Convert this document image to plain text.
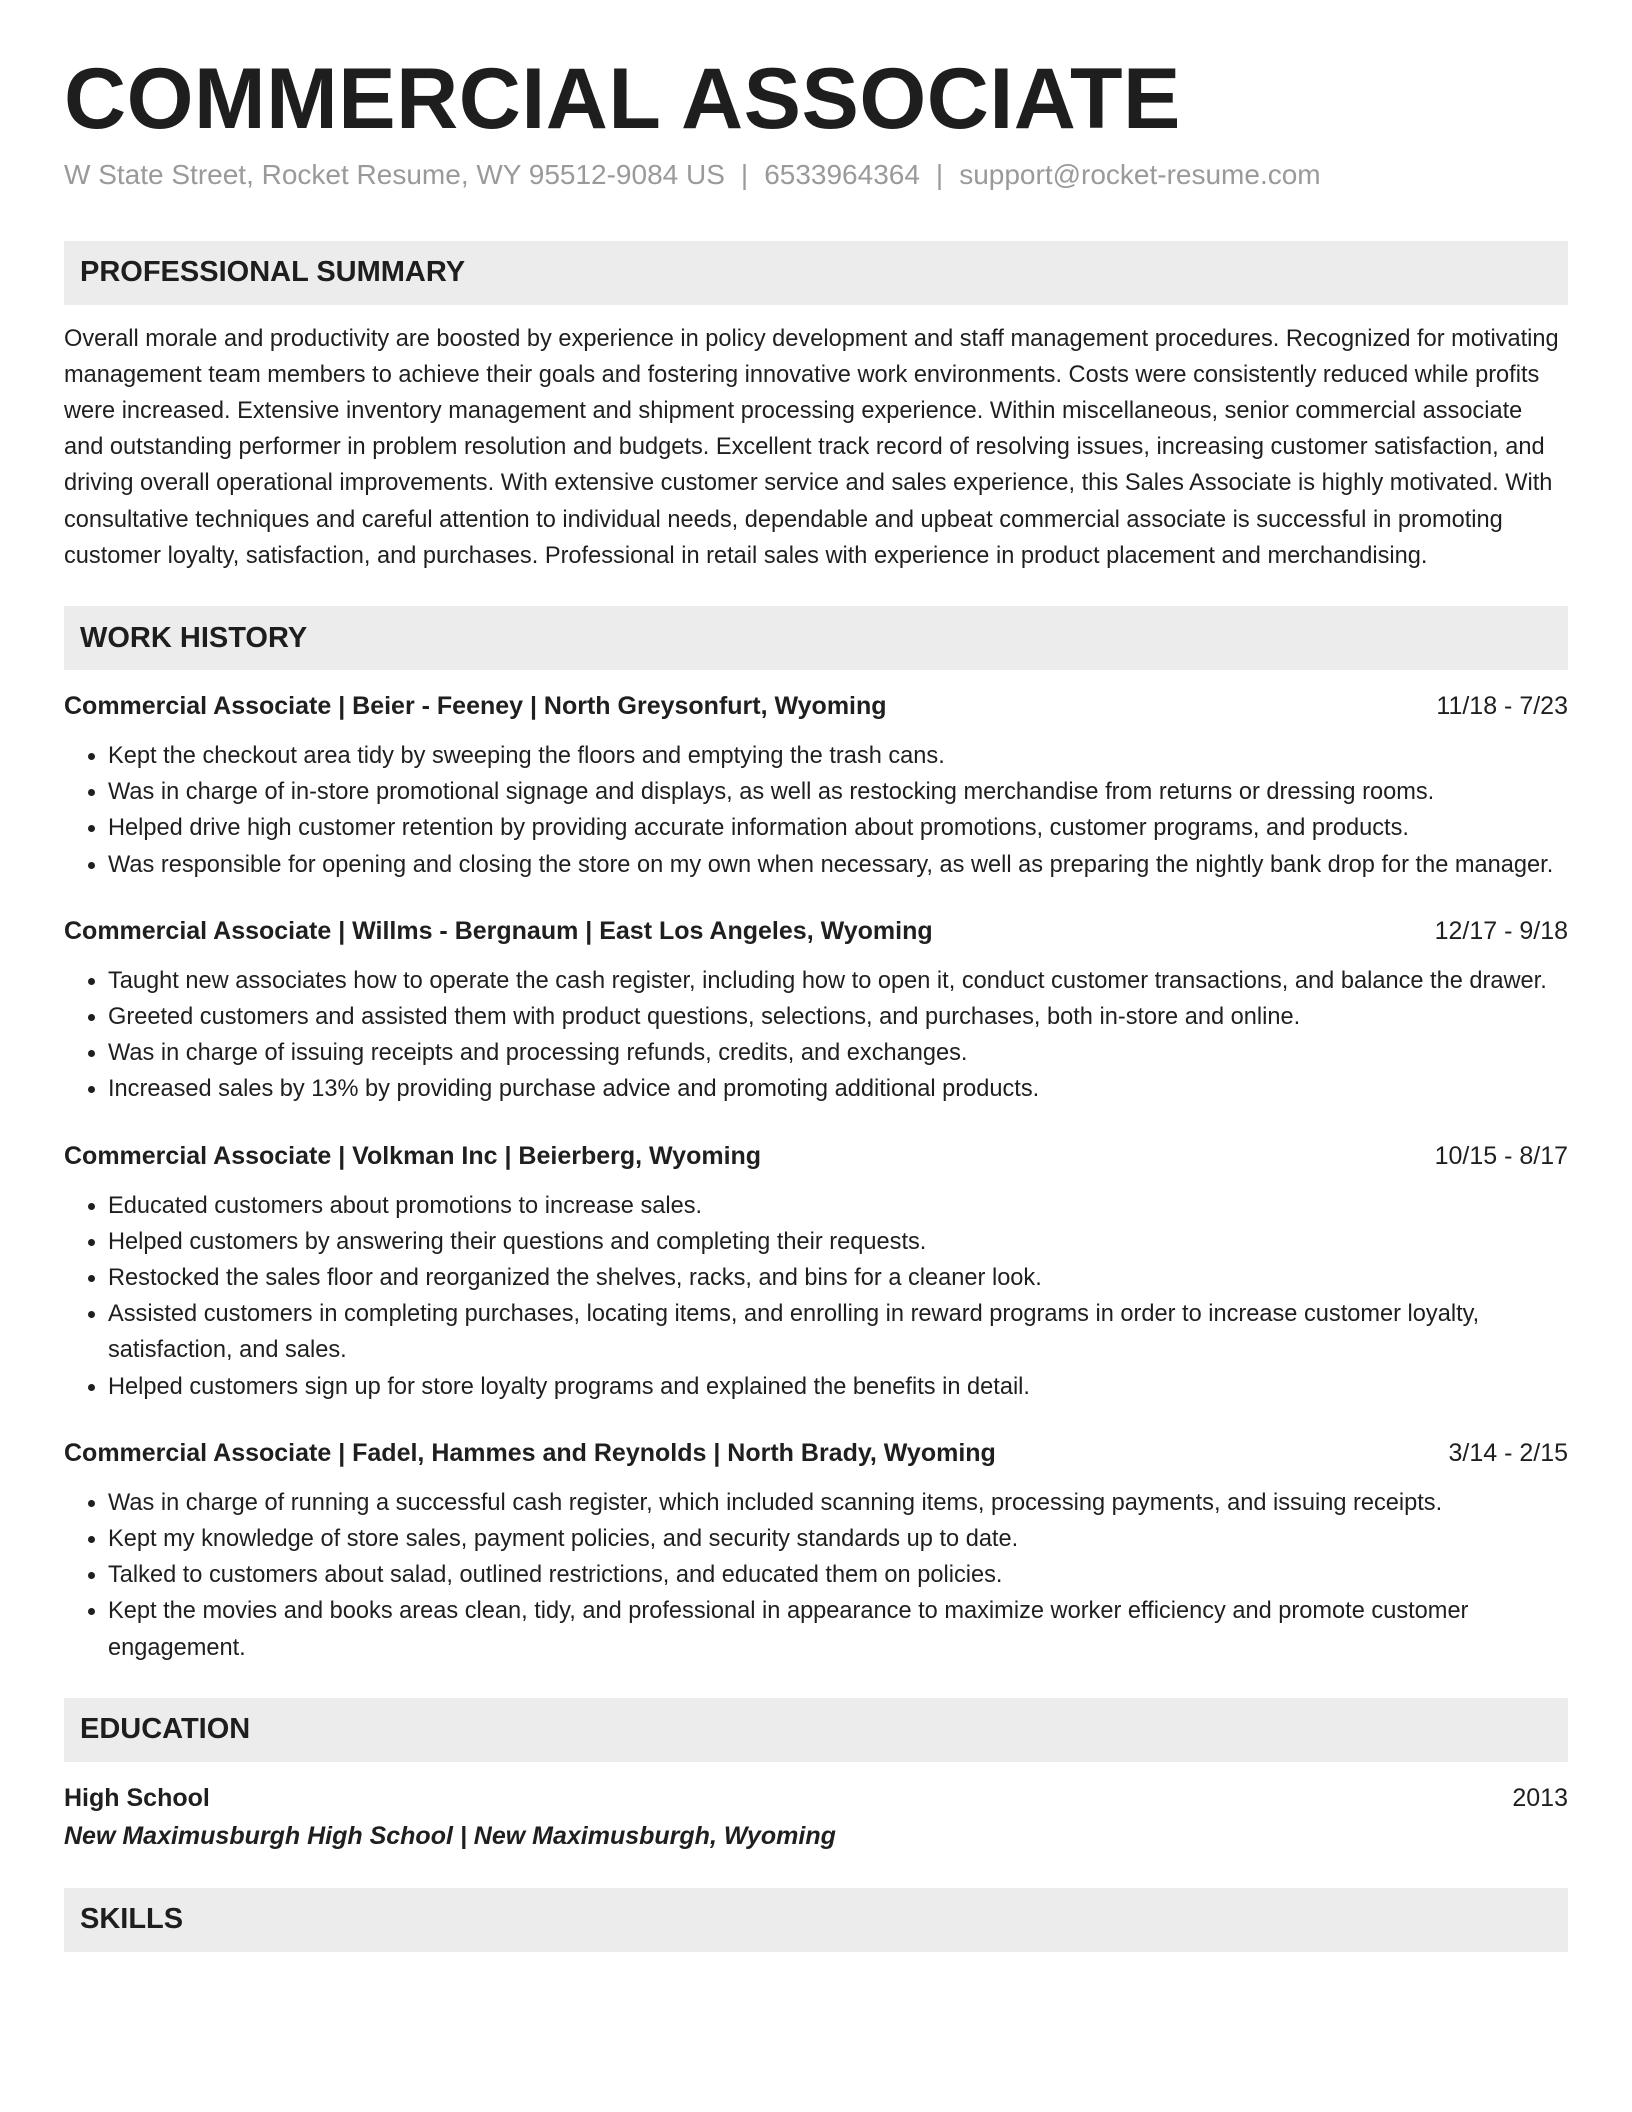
COMMERCIAL ASSOCIATE
W State Street, Rocket Resume, WY 95512-9084 US | 6533964364 | support@rocket-resume.com
PROFESSIONAL SUMMARY
Overall morale and productivity are boosted by experience in policy development and staff management procedures. Recognized for motivating management team members to achieve their goals and fostering innovative work environments. Costs were consistently reduced while profits were increased. Extensive inventory management and shipment processing experience. Within miscellaneous, senior commercial associate and outstanding performer in problem resolution and budgets. Excellent track record of resolving issues, increasing customer satisfaction, and driving overall operational improvements. With extensive customer service and sales experience, this Sales Associate is highly motivated. With consultative techniques and careful attention to individual needs, dependable and upbeat commercial associate is successful in promoting customer loyalty, satisfaction, and purchases. Professional in retail sales with experience in product placement and merchandising.
WORK HISTORY
Commercial Associate | Beier - Feeney | North Greysonfurt, Wyoming	11/18 - 7/23
• Kept the checkout area tidy by sweeping the floors and emptying the trash cans.
• Was in charge of in-store promotional signage and displays, as well as restocking merchandise from returns or dressing rooms.
• Helped drive high customer retention by providing accurate information about promotions, customer programs, and products.
• Was responsible for opening and closing the store on my own when necessary, as well as preparing the nightly bank drop for the manager.
Commercial Associate | Willms - Bergnaum | East Los Angeles, Wyoming	12/17 - 9/18
• Taught new associates how to operate the cash register, including how to open it, conduct customer transactions, and balance the drawer.
• Greeted customers and assisted them with product questions, selections, and purchases, both in-store and online.
• Was in charge of issuing receipts and processing refunds, credits, and exchanges.
• Increased sales by 13% by providing purchase advice and promoting additional products.
Commercial Associate | Volkman Inc | Beierberg, Wyoming	10/15 - 8/17
• Educated customers about promotions to increase sales.
• Helped customers by answering their questions and completing their requests.
• Restocked the sales floor and reorganized the shelves, racks, and bins for a cleaner look.
• Assisted customers in completing purchases, locating items, and enrolling in reward programs in order to increase customer loyalty, satisfaction, and sales.
• Helped customers sign up for store loyalty programs and explained the benefits in detail.
Commercial Associate | Fadel, Hammes and Reynolds | North Brady, Wyoming	3/14 - 2/15
• Was in charge of running a successful cash register, which included scanning items, processing payments, and issuing receipts.
• Kept my knowledge of store sales, payment policies, and security standards up to date.
• Talked to customers about salad, outlined restrictions, and educated them on policies.
• Kept the movies and books areas clean, tidy, and professional in appearance to maximize worker efficiency and promote customer engagement.
EDUCATION
High School	2013
New Maximusburgh High School | New Maximusburgh, Wyoming
SKILLS
